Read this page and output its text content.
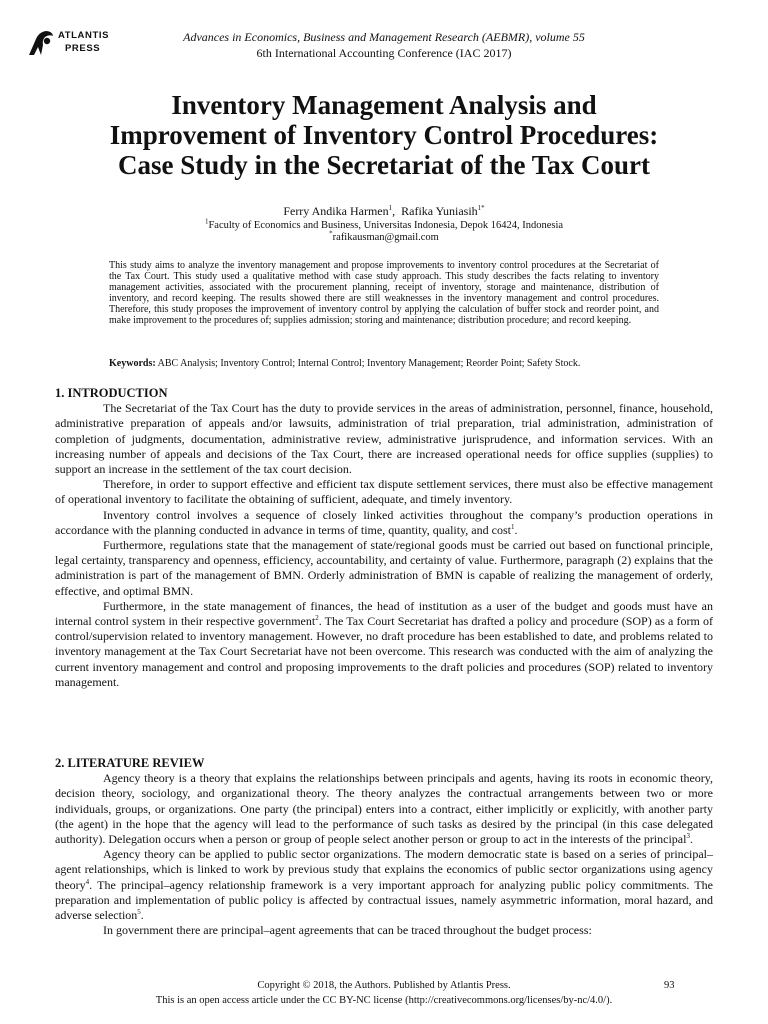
ATLANTIS
PRESS
Advances in Economics, Business and Management Research (AEBMR), volume 55
6th International Accounting Conference (IAC 2017)
Inventory Management Analysis and
Improvement of Inventory Control Procedures:
Case Study in the Secretariat of the Tax Court
Ferry Andika Harmen$^1$,  Rafika Yuniasih$^{1*}$
$^1$Faculty of Economics and Business, Universitas Indonesia, Depok 16424, Indonesia
*rafikausman@gmail.com
This study aims to analyze the inventory management and propose improvements to inventory control procedures at the Secretariat of the Tax Court. This study used a qualitative method with case study approach. This study describes the facts relating to inventory management activities, associated with the procurement planning, receipt of inventory, storage and maintenance, distribution of inventory, and record keeping. The results showed there are still weaknesses in the inventory management and control procedures. Therefore, this study proposes the improvement of inventory control by applying the calculation of buffer stock and reorder point, and make improvement to the procedures of; supplies admission; storing and maintenance; distribution procedure; and record keeping.
Keywords: ABC Analysis; Inventory Control; Internal Control; Inventory Management; Reorder Point; Safety Stock.
1. INTRODUCTION

The Secretariat of the Tax Court has the duty to provide services in the areas of administration, personnel, finance, household, administrative preparation of appeals and/or lawsuits, administration of trial preparation, trial administration, administration of completion of judgments, documentation, administrative review, administrative jurisprudence, and information services. With an increasing number of appeals and decisions of the Tax Court, there are increased operational needs for office supplies (supplies) to support an increase in the settlement of the tax court decision.

Therefore, in order to support effective and efficient tax dispute settlement services, there must also be effective management of operational inventory to facilitate the obtaining of sufficient, adequate, and timely inventory.

Inventory control involves a sequence of closely linked activities throughout the company’s production operations in accordance with the planning conducted in advance in terms of time, quantity, quality, and cost$^1$.

Furthermore, regulations state that the management of state/regional goods must be carried out based on functional principle, legal certainty, transparency and openness, efficiency, accountability, and certainty of value. Furthermore, paragraph (2) explains that the administration is part of the management of BMN. Orderly administration of BMN is capable of realizing the management of orderly, effective, and optimal BMN.

Furthermore, in the state management of finances, the head of institution as a user of the budget and goods must have an internal control system in their respective government$^2$. The Tax Court Secretariat has drafted a policy and procedure (SOP) as a form of control/supervision related to inventory management. However, no draft procedure has been established to date, and problems related to inventory management at the Tax Court Secretariat have not been overcome. This research was conducted with the aim of analyzing the current inventory management and control and proposing improvements to the draft policies and procedures (SOP) related to inventory management.

2. LITERATURE REVIEW

Agency theory is a theory that explains the relationships between principals and agents, having its roots in economic theory, decision theory, sociology, and organizational theory. The theory analyzes the contractual arrangements between two or more individuals, groups, or organizations. One party (the principal) enters into a contract, either implicitly or explicitly, with another party (the agent) in the hope that the agency will lead to the performance of such tasks as desired by the principal (in this case delegated authority). Delegation occurs when a person or group of people select another person or group to act in the interests of the principal$^3$.

Agency theory can be applied to public sector organizations. The modern democratic state is based on a series of principal–agent relationships, which is linked to work by previous study that explains the economics of public sector organizations using agency theory$^4$. The principal–agency relationship framework is a very important approach for analyzing public policy commitments. The preparation and implementation of public policy is affected by contractual issues, namely asymmetric information, moral hazard, and adverse selection$^5$.

In government there are principal–agent agreements that can be traced throughout the budget process:

Copyright © 2018, the Authors. Published by Atlantis Press.	93
This is an open access article under the CC BY-NC license (http://creativecommons.org/licenses/by-nc/4.0/).
